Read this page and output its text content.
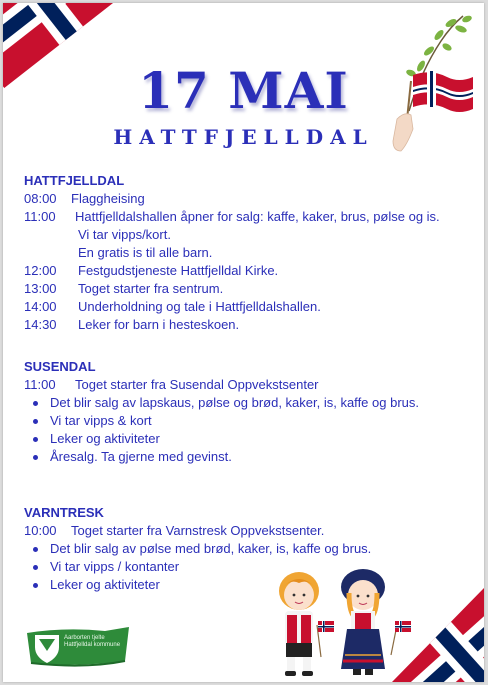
17 MAI
HATTFJELLDAL

HATTFJELLDAL

08:00	Flaggheising
11:00	Hattfjelldalshallen åpner for salg: kaffe, kaker, brus, pølse og is.
Vi tar vipps/kort.
En gratis is til alle barn.
12:00	Festgudstjeneste Hattfjelldal Kirke.
13:00	Toget starter fra sentrum.
14:00	Underholdning og tale i Hattfjelldalshallen.
14:30	Leker for barn i hesteskoen.

SUSENDAL

11:00	Toget starter fra Susendal Oppvekstsenter
Det blir salg av lapskaus, pølse og brød, kaker, is, kaffe og brus.
Vi tar vipps & kort
Leker og aktiviteter
Åresalg. Ta gjerne med gevinst.

VARNTRESK

10:00	Toget starter fra Varnstresk Oppvekstsenter.
Det blir salg av pølse med brød, kaker, is, kaffe og brus.
Vi tar vipps / kontanter
Leker og aktiviteter
Aarborten tjelte
Hattfjelldal kommune
